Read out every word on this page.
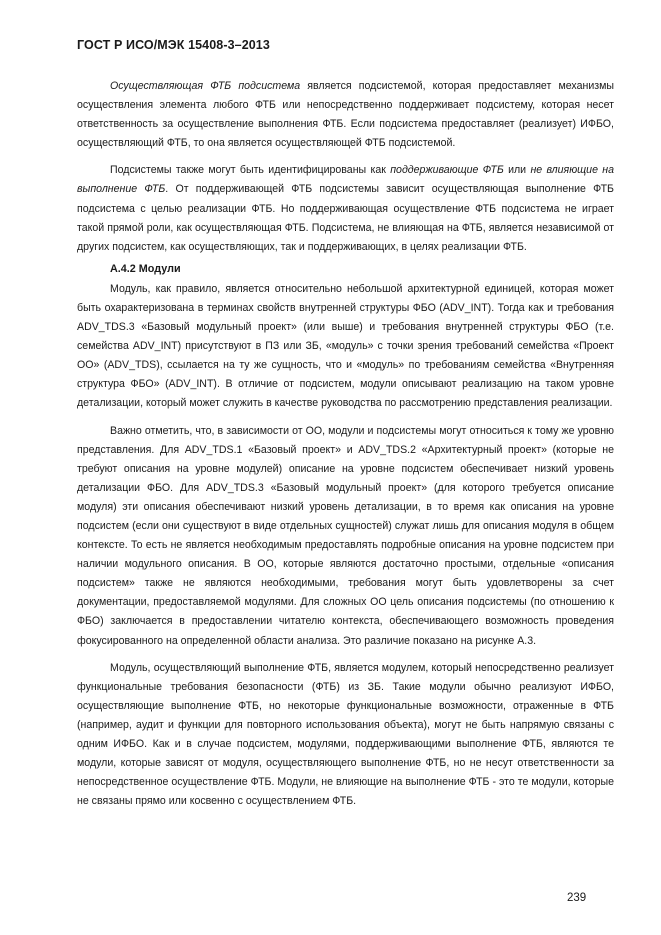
ГОСТ Р ИСО/МЭК 15408-3–2013

Осуществляющая ФТБ подсистема является подсистемой, которая предоставляет механизмы осуществления элемента любого ФТБ или непосредственно поддерживает подсистему, которая несет ответственность за осуществление выполнения ФТБ. Если подсистема предоставляет (реализует) ИФБО, осуществляющий ФТБ, то она является осуществляющей ФТБ подсистемой.

Подсистемы также могут быть идентифицированы как поддерживающие ФТБ или не влияющие на выполнение ФТБ. От поддерживающей ФТБ подсистемы зависит осуществляющая выполнение ФТБ подсистема с целью реализации ФТБ. Но поддерживающая осуществление ФТБ подсистема не играет такой прямой роли, как осуществляющая ФТБ. Подсистема, не влияющая на ФТБ, является независимой от других подсистем, как осуществляющих, так и поддерживающих, в целях реализации ФТБ.

А.4.2 Модули

Модуль, как правило, является относительно небольшой архитектурной единицей, которая может быть охарактеризована в терминах свойств внутренней структуры ФБО (ADV_INT). Тогда как и требования ADV_TDS.3 «Базовый модульный проект» (или выше) и требования внутренней структуры ФБО (т.е. семейства ADV_INT) присутствуют в ПЗ или ЗБ, «модуль» с точки зрения требований семейства «Проект ОО» (ADV_TDS), ссылается на ту же сущность, что и «модуль» по требованиям семейства «Внутренняя структура ФБО» (ADV_INT). В отличие от подсистем, модули описывают реализацию на таком уровне детализации, который может служить в качестве руководства по рассмотрению представления реализации.

Важно отметить, что, в зависимости от ОО, модули и подсистемы могут относиться к тому же уровню представления. Для ADV_TDS.1 «Базовый проект» и ADV_TDS.2 «Архитектурный проект» (которые не требуют описания на уровне модулей) описание на уровне подсистем обеспечивает низкий уровень детализации ФБО. Для ADV_TDS.3 «Базовый модульный проект» (для которого требуется описание модуля) эти описания обеспечивают низкий уровень детализации, в то время как описания на уровне подсистем (если они существуют в виде отдельных сущностей) служат лишь для описания модуля в общем контексте. То есть не является необходимым предоставлять подробные описания на уровне подсистем при наличии модульного описания. В ОО, которые являются достаточно простыми, отдельные «описания подсистем» также не являются необходимыми, требования могут быть удовлетворены за счет документации, предоставляемой модулями. Для сложных ОО цель описания подсистемы (по отношению к ФБО) заключается в предоставлении читателю контекста, обеспечивающего возможность проведения фокусированного на определенной области анализа. Это различие показано на рисунке А.3.

Модуль, осуществляющий выполнение ФТБ, является модулем, который непосредственно реализует функциональные требования безопасности (ФТБ) из ЗБ. Такие модули обычно реализуют ИФБО, осуществляющие выполнение ФТБ, но некоторые функциональные возможности, отраженные в ФТБ (например, аудит и функции для повторного использования объекта), могут не быть напрямую связаны с одним ИФБО. Как и в случае подсистем, модулями, поддерживающими выполнение ФТБ, являются те модули, которые зависят от модуля, осуществляющего выполнение ФТБ, но не несут ответственности за непосредственное осуществление ФТБ. Модули, не влияющие на выполнение ФТБ - это те модули, которые не связаны прямо или косвенно с осуществлением ФТБ.

239
